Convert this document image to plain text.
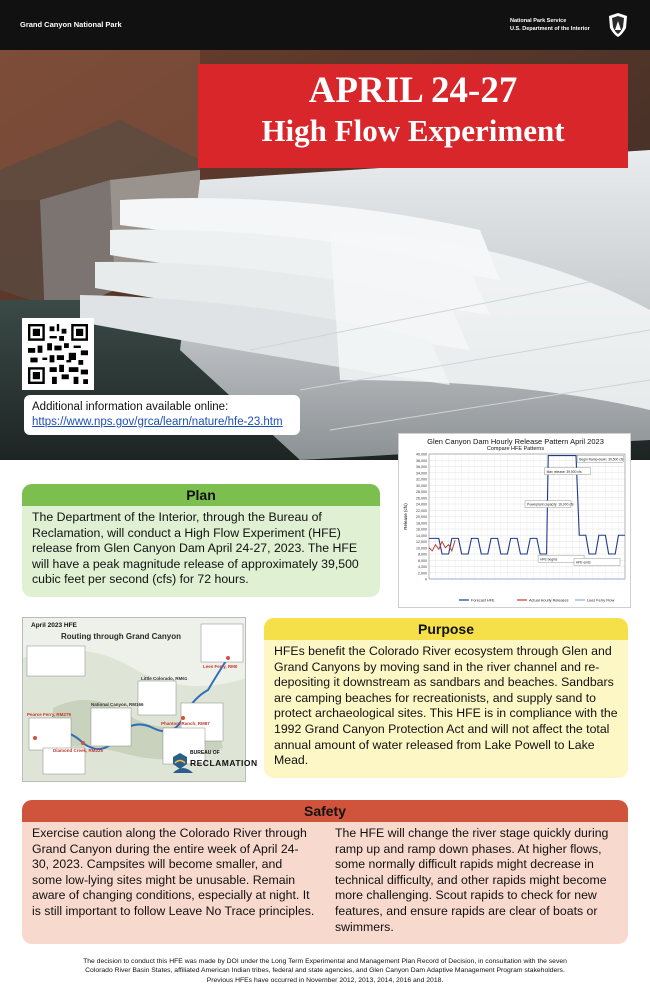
Grand Canyon National Park	National Park Service
U.S. Department of the Interior
APRIL 24-27
High Flow Experiment
Additional information available online:
https://www.nps.gov/grca/learn/nature/hfe-23.htm
Glen Canyon Dam Hourly Release Pattern April 2023
Compare HFE Patterns
40,000
38,000
36,000
34,000
32,000
30,000
28,000
26,000
24,000
22,000
20,000
18,000
16,000
14,000
12,000
10,000
8,000
6,000
4,000
2,000
0
Release (cfs)
Max release: 39,500 cfs
Begin Ramp-down: 39,500 cfs
Powerplant capacity: 16,000 cfs
HFE begins
HFE ends
Forecast HFE	Actual Hourly Releases	Lees Ferry Flow
Plan
The Department of the Interior, through the Bureau of Reclamation, will conduct a High Flow Experiment (HFE) release from Glen Canyon Dam April 24-27, 2023. The HFE will have a peak magnitude release of approximately 39,500 cubic feet per second (cfs) for 72 hours.
April 2023 HFE
Routing through Grand Canyon
Lees Ferry, RM0
Phantom Ranch, RM87
Diamond Creek, RM225
National Canyon, RM166
Little Colorado, RM61
Pearce Ferry, RM279
BUREAU OF
RECLAMATION
Purpose
HFEs benefit the Colorado River ecosystem through Glen and Grand Canyons by moving sand in the river channel and re-depositing it downstream as sandbars and beaches. Sandbars are camping beaches for recreationists, and supply sand to protect archaeological sites. This HFE is in compliance with the 1992 Grand Canyon Protection Act and will not affect the total annual amount of water released from Lake Powell to Lake Mead.
Safety
Exercise caution along the Colorado River through Grand Canyon during the entire week of April 24-30, 2023. Campsites will become smaller, and some low-lying sites might be unusable. Remain aware of changing conditions, especially at night. It is still important to follow Leave No Trace principles.
The HFE will change the river stage quickly during ramp up and ramp down phases. At higher flows, some normally difficult rapids might decrease in technical difficulty, and other rapids might become more challenging. Scout rapids to check for new features, and ensure rapids are clear of boats or swimmers.
The decision to conduct this HFE was made by DOI under the Long Term Experimental and Management Plan Record of Decision, in consultation with the seven
Colorado River Basin States, affiliated American Indian tribes, federal and state agencies, and Glen Canyon Dam Adaptive Management Program stakeholders.
Previous HFEs have occurred in November 2012, 2013, 2014, 2016 and 2018.
